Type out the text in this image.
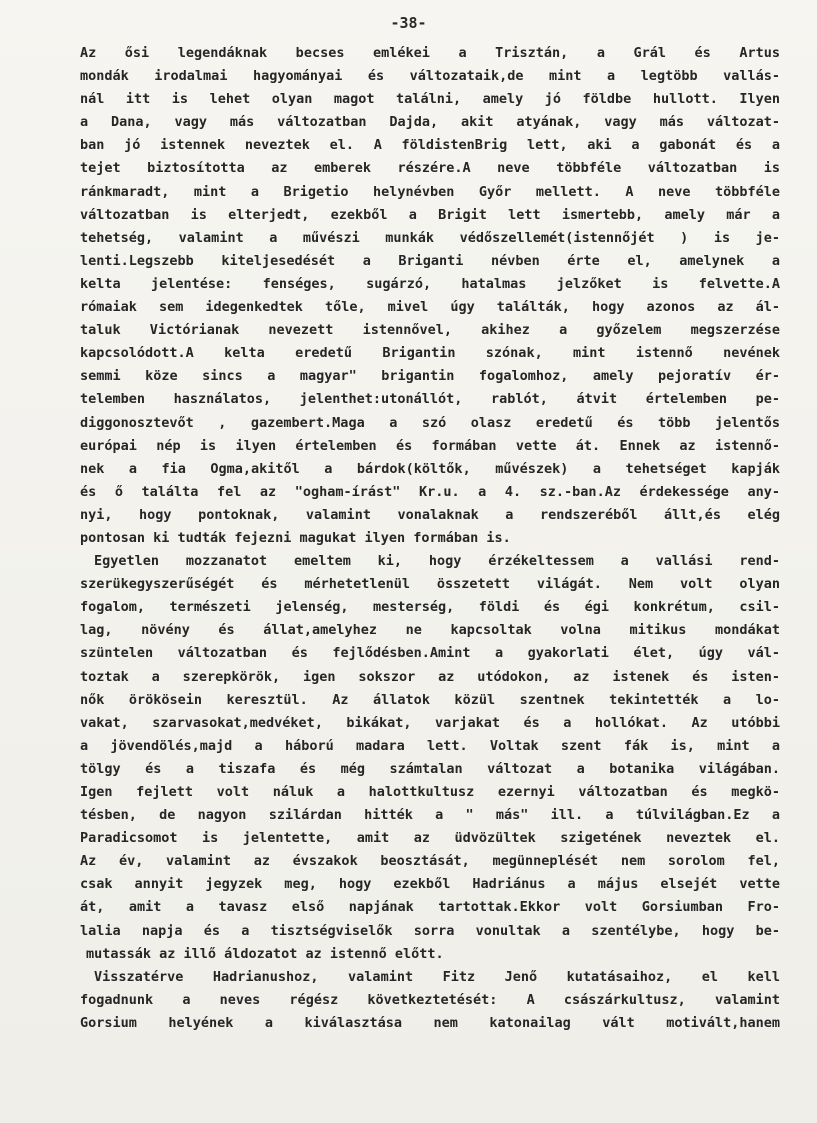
-38-
Az ősi legendáknak becses emlékei a Trisztán, a Grál és Artus
mondák irodalmai hagyományai és változataik,de mint a legtöbb vallás-
nál itt is lehet olyan magot találni, amely jó földbe hullott. Ilyen
a Dana, vagy más változatban Dajda, akit atyának, vagy más változat-
ban jó istennek neveztek el. A földistenBrig lett, aki a gabonát és a
tejet biztosította az emberek részére.A neve többféle változatban is
ránkmaradt, mint a Brigetio helynévben Győr mellett. A neve többféle
változatban is elterjedt, ezekből a Brigit lett ismertebb, amely már a
tehetség, valamint a művészi munkák védőszellemét(istennőjét ) is je-
lenti.Legszebb kiteljesedését a Briganti névben érte el, amelynek a
kelta jelentése: fenséges, sugárzó, hatalmas jelzőket is felvette.A
rómaiak sem idegenkedtek tőle, mivel úgy találták, hogy azonos az ál-
taluk Victórianak nevezett istennővel, akihez a győzelem megszerzése
kapcsolódott.A kelta eredetű Brigantin szónak, mint istennő nevének
semmi köze sincs a magyar" brigantin fogalomhoz, amely pejoratív ér-
telemben használatos, jelenthet:utonállót, rablót, átvit értelemben pe-
diggonosztevőt , gazembert.Maga a szó olasz eredetű és több jelentős
európai nép is ilyen értelemben és formában vette át. Ennek az istennő-
nek a fia Ogma,akitől a bárdok(költők, művészek) a tehetséget kapják
és ő találta fel az "ogham-írást" Kr.u. a 4. sz.-ban.Az érdekessége any-
nyi, hogy pontoknak, valamint vonalaknak a rendszeréből állt,és elég
pontosan ki tudták fejezni magukat ilyen formában is.
Egyetlen mozzanatot emeltem ki, hogy érzékeltessem a vallási rend-
szerükegyszerűségét és mérhetetlenül összetett világát. Nem volt olyan
fogalom, természeti jelenség, mesterség, földi és égi konkrétum, csil-
lag, növény és állat,amelyhez ne kapcsoltak volna mitikus mondákat
szüntelen változatban és fejlődésben.Amint a gyakorlati élet, úgy vál-
toztak a szerepkörök, igen sokszor az utódokon, az istenek és isten-
nők örökösein keresztül. Az állatok közül szentnek tekintették a lo-
vakat, szarvasokat,medvéket, bikákat, varjakat és a hollókat. Az utóbbi
a jövendölés,majd a háború madara lett. Voltak szent fák is, mint a
tölgy és a tiszafa és még számtalan változat a botanika világában.
Igen fejlett volt náluk a halottkultusz ezernyi változatban és megkö-
tésben, de nagyon szilárdan hitték a " más" ill. a túlvilágban.Ez a
Paradicsomot is jelentette, amit az üdvözültek szigetének neveztek el.
Az év, valamint az évszakok beosztását, megünneplését nem sorolom fel,
csak annyit jegyzek meg, hogy ezekből Hadriánus a május elsejét vette
át, amit a tavasz első napjának tartottak.Ekkor volt Gorsiumban Fro-
lalia napja és a tisztségviselők sorra vonultak a szentélybe, hogy be-
mutassák az illő áldozatot az istennő előtt.
Visszatérve Hadrianushoz, valamint Fitz Jenő kutatásaihoz, el kell
fogadnunk a neves régész következtetését: A császárkultusz, valamint
Gorsium helyének a kiválasztása nem katonailag vált motivált,hanem
